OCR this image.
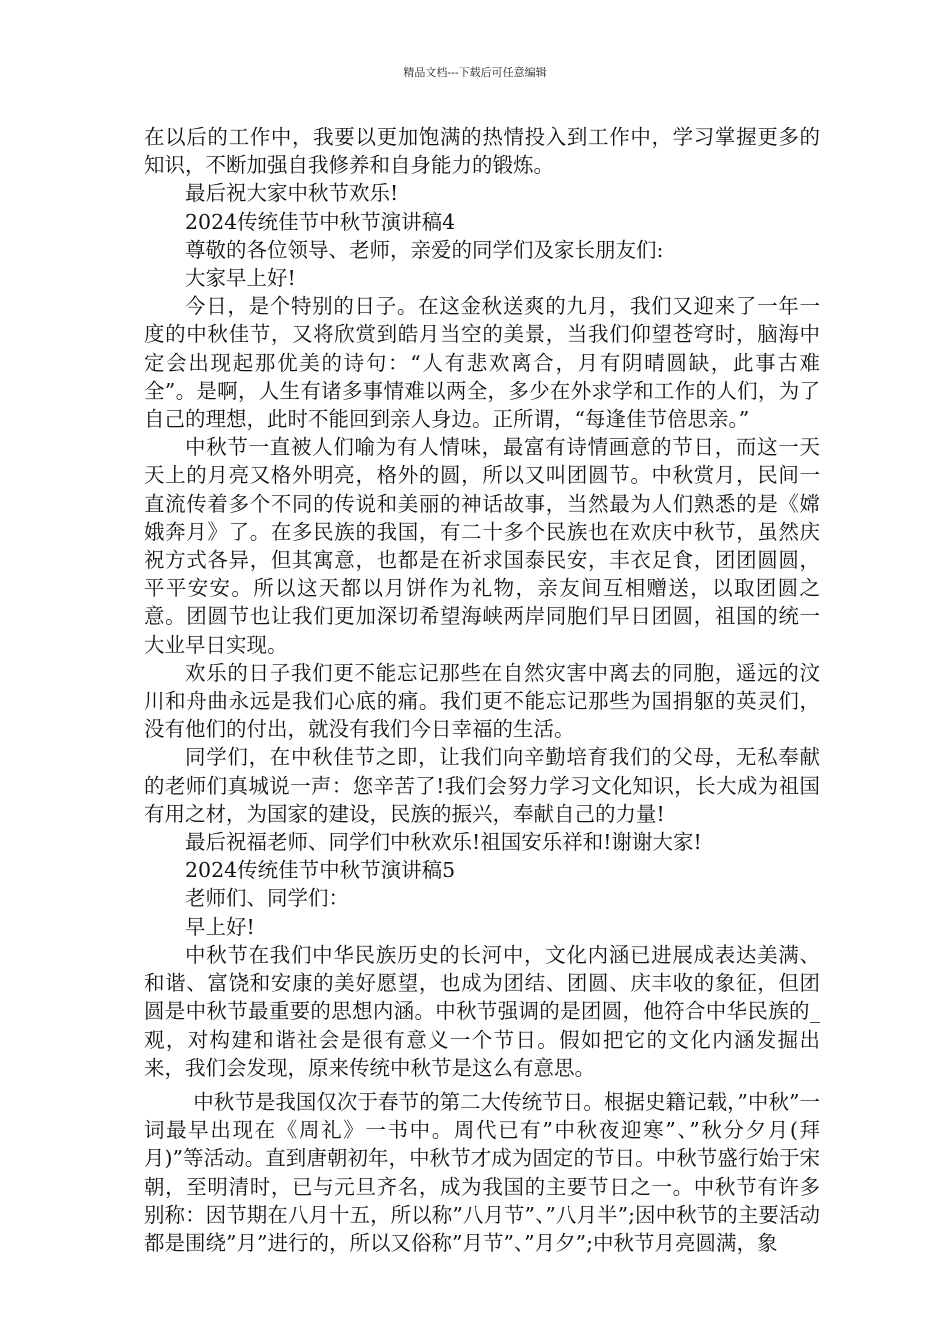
精品文档---下载后可任意编辑

在以后的工作中，我要以更加饱满的热情投入到工作中，学习掌握更多的知识，不断加强自我修养和自身能力的锻炼。

最后祝大家中秋节欢乐!

2024传统佳节中秋节演讲稿4

尊敬的各位领导、老师，亲爱的同学们及家长朋友们:

大家早上好!

今日，是个特别的日子。在这金秋送爽的九月，我们又迎来了一年一度的中秋佳节，又将欣赏到皓月当空的美景，当我们仰望苍穹时，脑海中定会出现起那优美的诗句：“人有悲欢离合，月有阴晴圆缺，此事古难全”。是啊，人生有诸多事情难以两全，多少在外求学和工作的人们，为了自己的理想，此时不能回到亲人身边。正所谓，“每逢佳节倍思亲。”

中秋节一直被人们喻为有人情味，最富有诗情画意的节日，而这一天天上的月亮又格外明亮，格外的圆，所以又叫团圆节。中秋赏月，民间一直流传着多个不同的传说和美丽的神话故事，当然最为人们熟悉的是《嫦娥奔月》了。在多民族的我国，有二十多个民族也在欢庆中秋节，虽然庆祝方式各异，但其寓意，也都是在祈求国泰民安，丰衣足食，团团圆圆，平平安安。所以这天都以月饼作为礼物，亲友间互相赠送，以取团圆之意。团圆节也让我们更加深切希望海峡两岸同胞们早日团圆，祖国的统一大业早日实现。

欢乐的日子我们更不能忘记那些在自然灾害中离去的同胞，遥远的汶川和舟曲永远是我们心底的痛。我们更不能忘记那些为国捐躯的英灵们，没有他们的付出，就没有我们今日幸福的生活。

同学们，在中秋佳节之即，让我们向辛勤培育我们的父母，无私奉献的老师们真城说一声：您辛苦了!我们会努力学习文化知识，长大成为祖国有用之材，为国家的建设，民族的振兴，奉献自己的力量!

最后祝福老师、同学们中秋欢乐!祖国安乐祥和!谢谢大家!

2024传统佳节中秋节演讲稿5

老师们、同学们：

早上好!

中秋节在我们中华民族历史的长河中，文化内涵已进展成表达美满、和谐、富饶和安康的美好愿望，也成为团结、团圆、庆丰收的象征，但团圆是中秋节最重要的思想内涵。中秋节强调的是团圆，他符合中华民族的_观，对构建和谐社会是很有意义一个节日。假如把它的文化内涵发掘出来，我们会发现，原来传统中秋节是这么有意思。

中秋节是我国仅次于春节的第二大传统节日。根据史籍记载，”中秋”一词最早出现在《周礼》一书中。周代已有”中秋夜迎寒”、”秋分夕月(拜月)”等活动。直到唐朝初年，中秋节才成为固定的节日。中秋节盛行始于宋朝，至明清时，已与元旦齐名，成为我国的主要节日之一。中秋节有许多别称：因节期在八月十五，所以称”八月节”、”八月半”;因中秋节的主要活动都是围绕”月”进行的，所以又俗称”月节”、”月夕”;中秋节月亮圆满，象
